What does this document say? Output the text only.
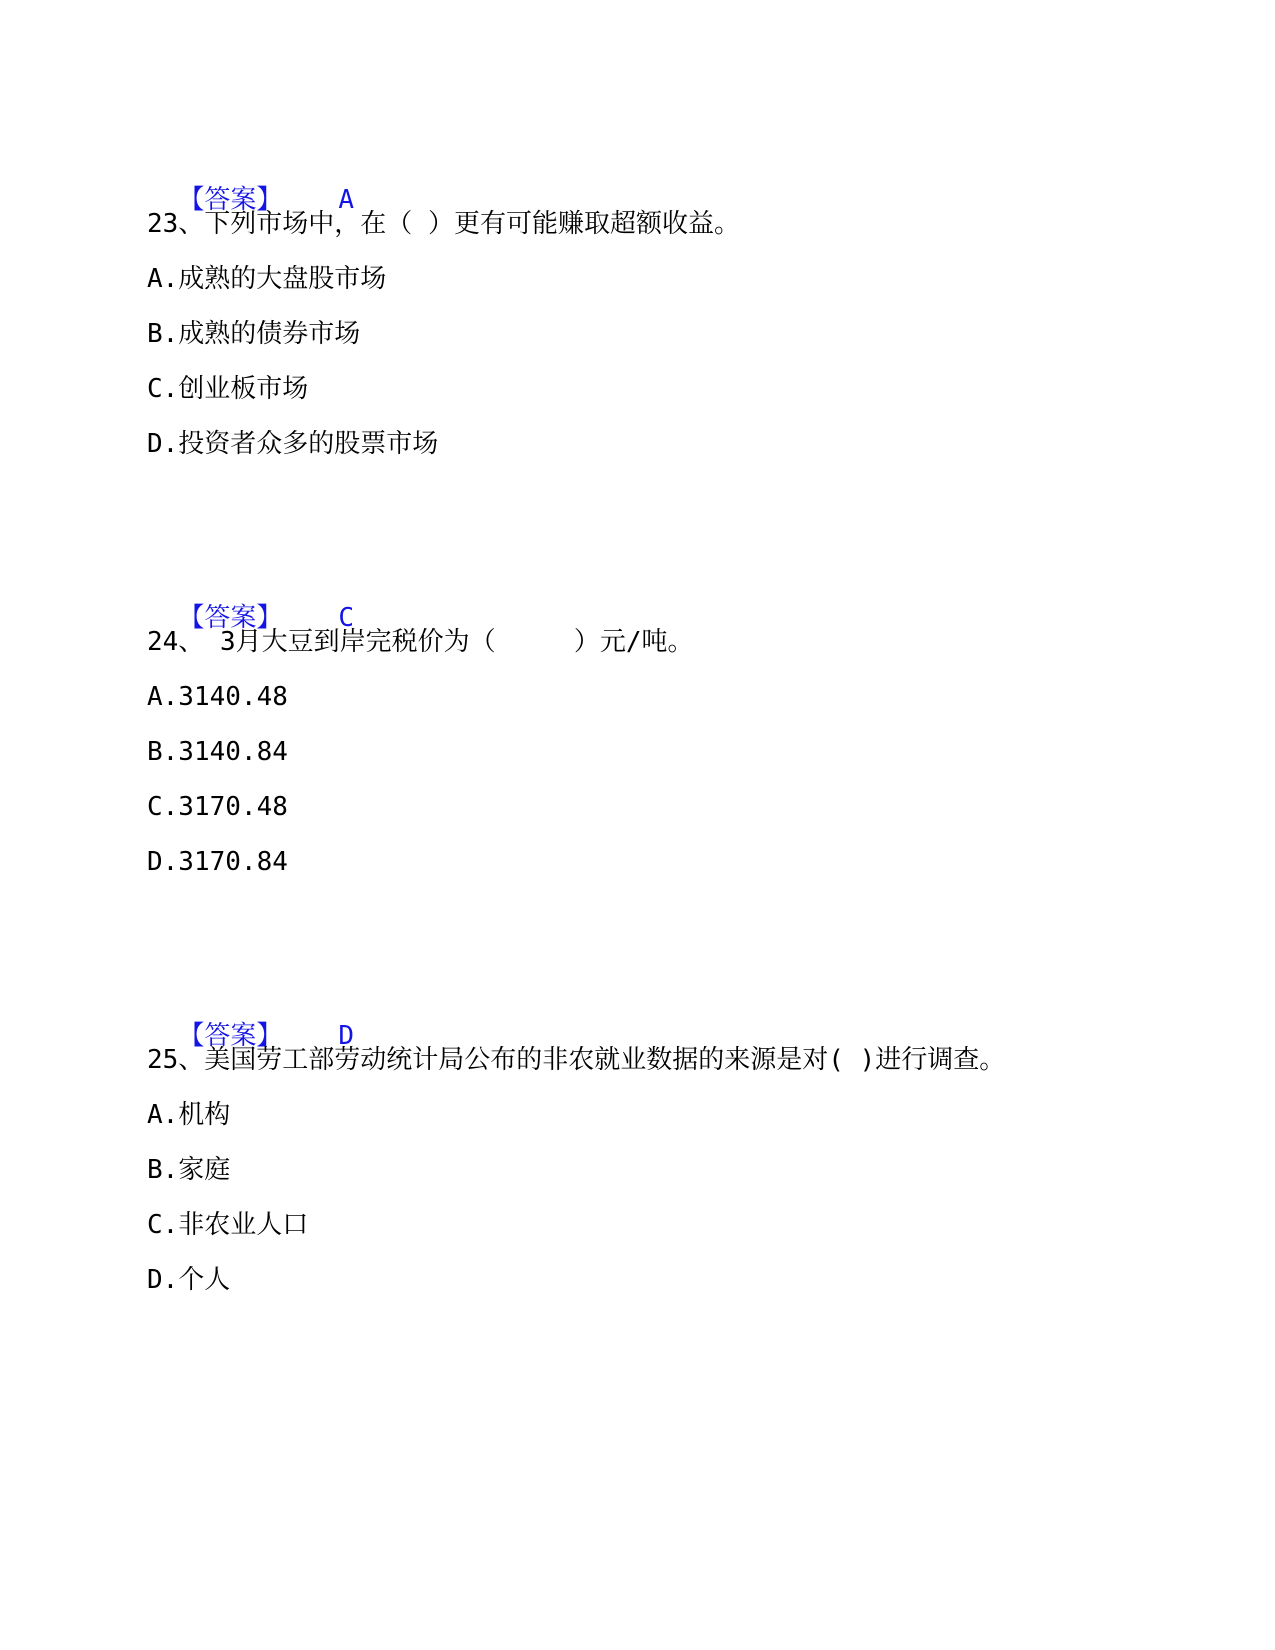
【答案】 A

23、下列市场中，在（ ）更有可能赚取超额收益。
A.成熟的大盘股市场
B.成熟的债券市场
C.创业板市场
D.投资者众多的股票市场

【答案】 C

24、 3月大豆到岸完税价为（     ）元/吨。
A.3140.48
B.3140.84
C.3170.48
D.3170.84

【答案】 D

25、美国劳工部劳动统计局公布的非农就业数据的来源是对( )进行调查。
A.机构
B.家庭
C.非农业人口
D.个人
